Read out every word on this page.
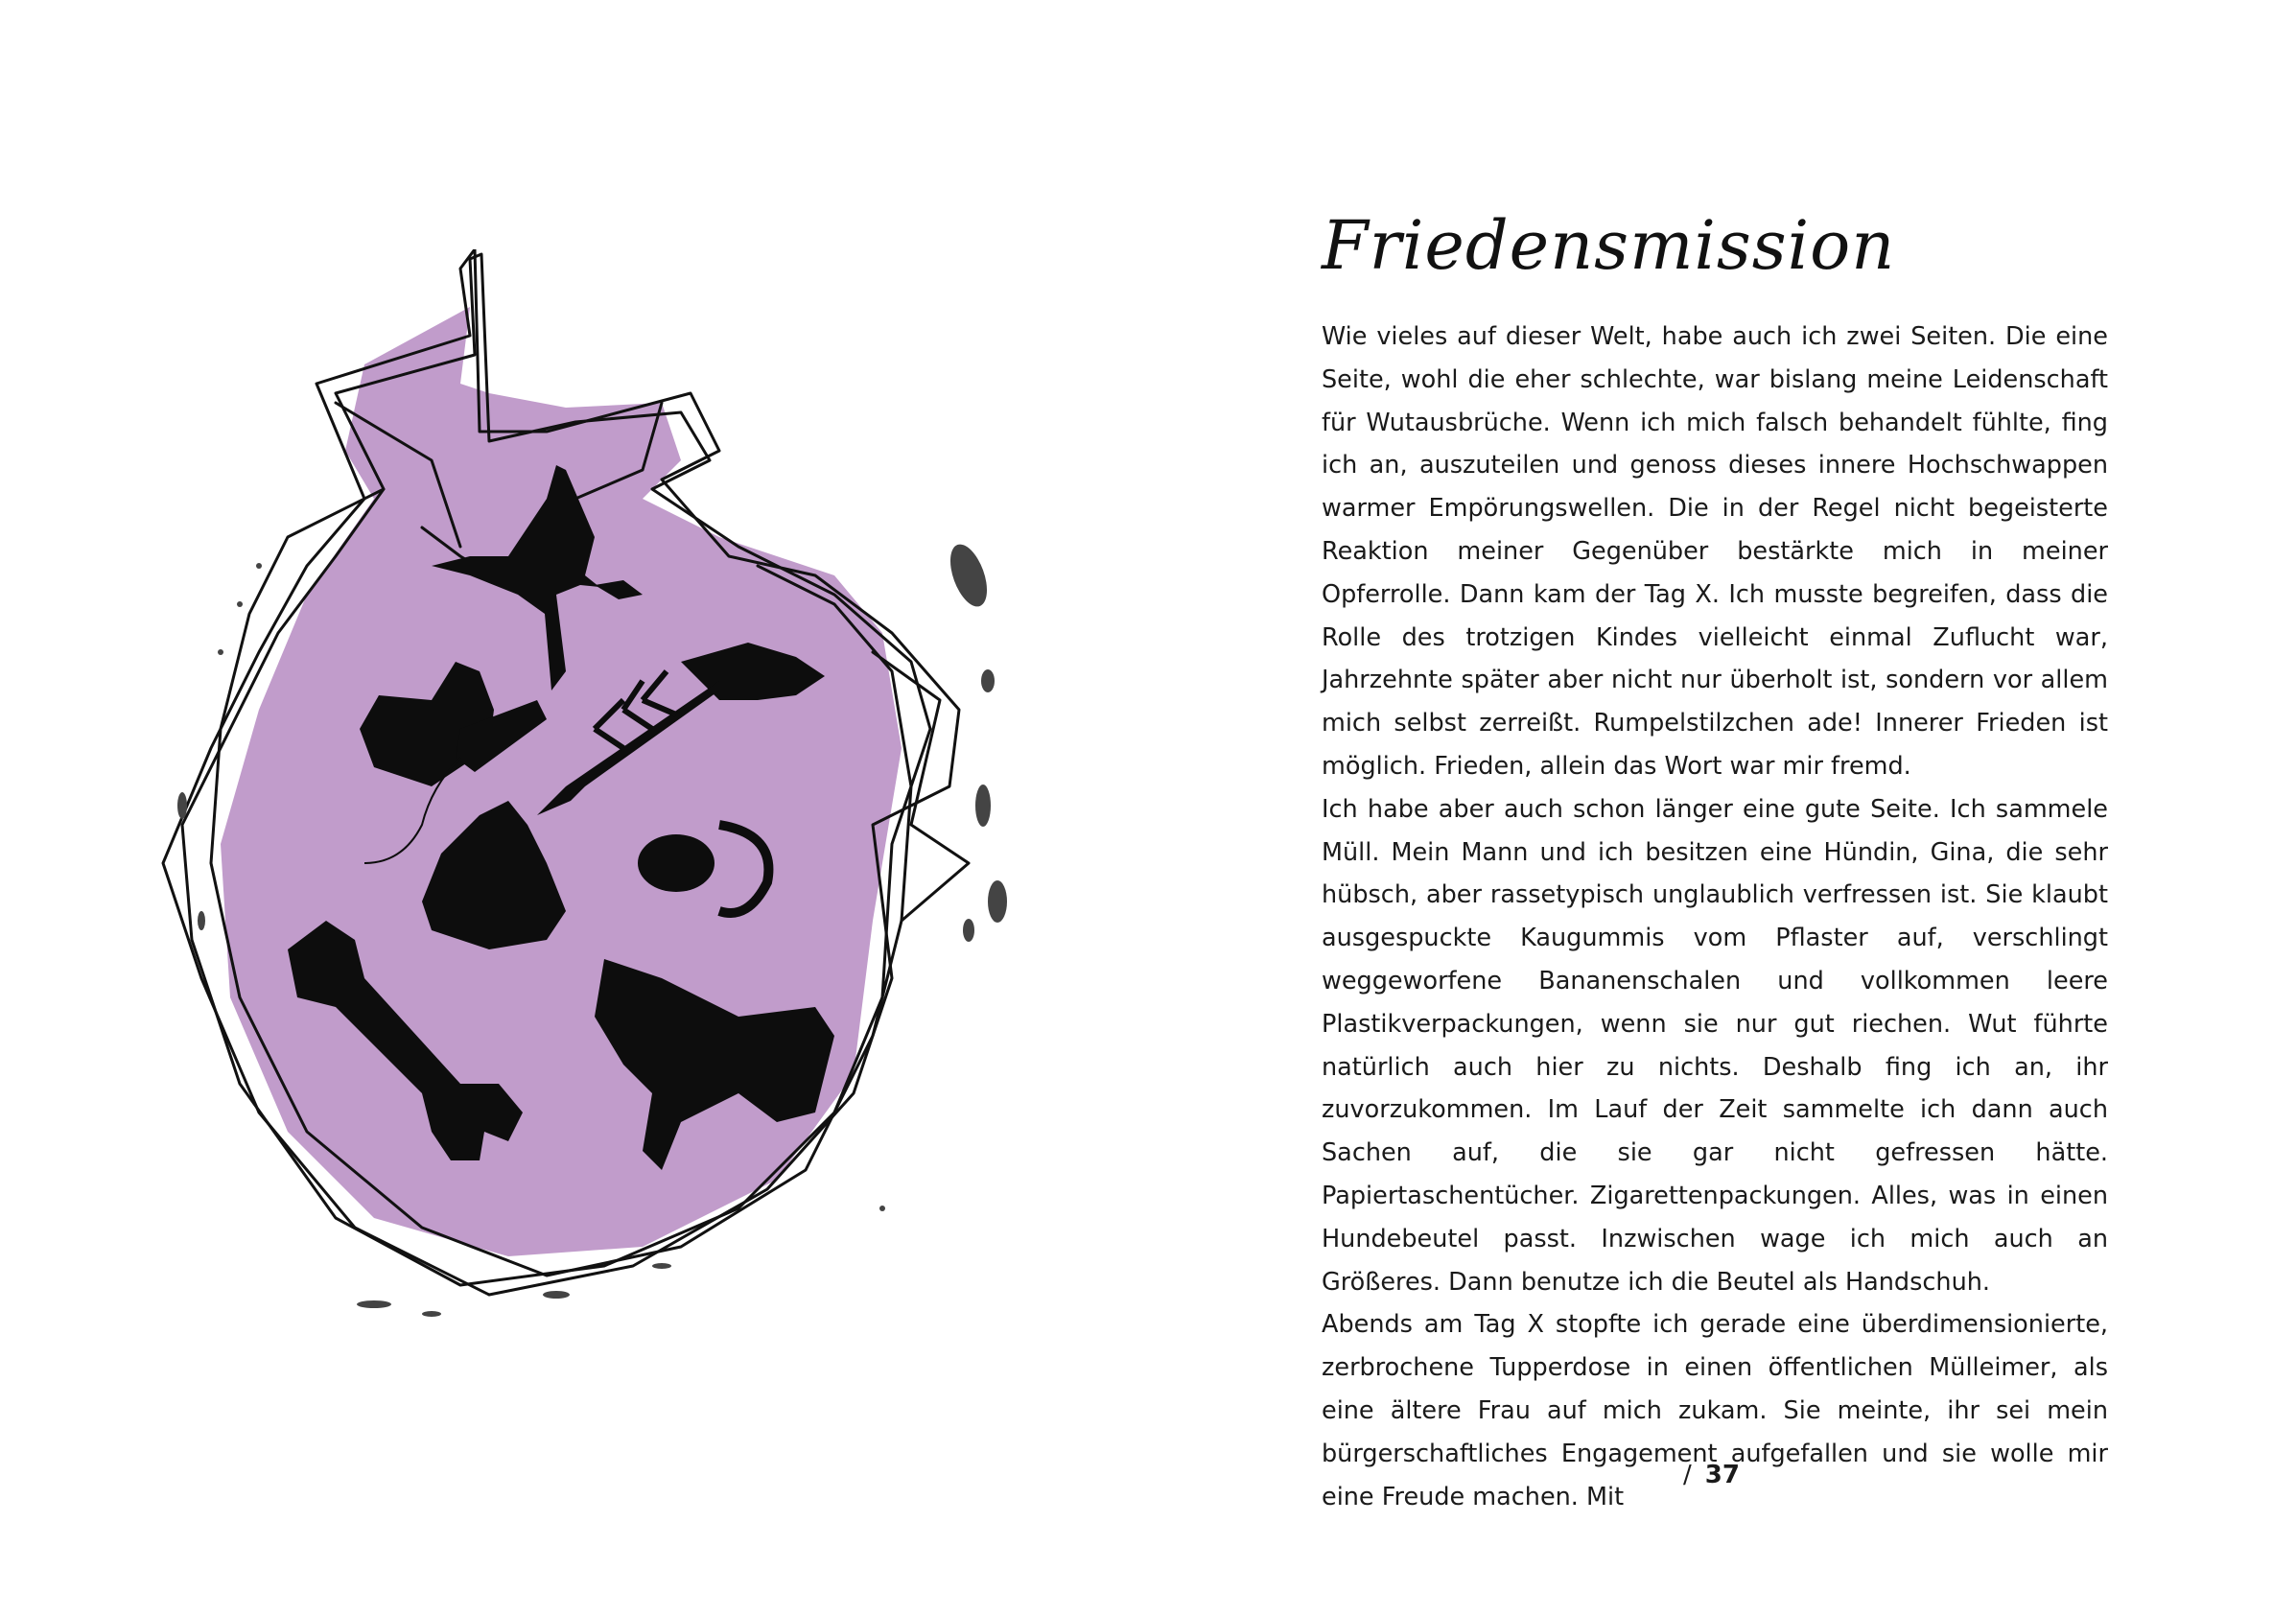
Friedensmission

Wie vieles auf dieser Welt, habe auch ich zwei Seiten. Die eine Seite, wohl die eher schlechte, war bislang meine Leidenschaft für Wutausbrüche. Wenn ich mich falsch behandelt fühlte, fing ich an, auszuteilen und genoss dieses innere Hochschwappen warmer Empörungswellen. Die in der Regel nicht begeisterte Reaktion meiner Gegenüber bestärkte mich in meiner Opferrolle. Dann kam der Tag X. Ich musste begreifen, dass die Rolle des trotzigen Kindes vielleicht einmal Zuflucht war, Jahrzehnte später aber nicht nur überholt ist, sondern vor allem mich selbst zerreißt. Rumpelstilzchen ade! Innerer Frieden ist möglich. Frieden, allein das Wort war mir fremd.

Ich habe aber auch schon länger eine gute Seite. Ich sammele Müll. Mein Mann und ich besitzen eine Hündin, Gina, die sehr hübsch, aber rassetypisch unglaublich verfressen ist. Sie klaubt ausgespuckte Kaugummis vom Pflaster auf, verschlingt weggeworfene Bananenschalen und vollkommen leere Plastikverpackungen, wenn sie nur gut riechen. Wut führte natürlich auch hier zu nichts. Deshalb fing ich an, ihr zuvorzukommen. Im Lauf der Zeit sammelte ich dann auch Sachen auf, die sie gar nicht gefressen hätte. Papiertaschentücher. Zigarettenpackungen. Alles, was in einen Hundebeutel passt. Inzwischen wage ich mich auch an Größeres. Dann benutze ich die Beutel als Handschuh.

Abends am Tag X stopfte ich gerade eine überdimensionierte, zerbrochene Tupperdose in einen öffentlichen Mülleimer, als eine ältere Frau auf mich zukam. Sie meinte, ihr sei mein bürgerschaftliches Engagement aufgefallen und sie wolle mir eine Freude machen. Mit

/ 37
